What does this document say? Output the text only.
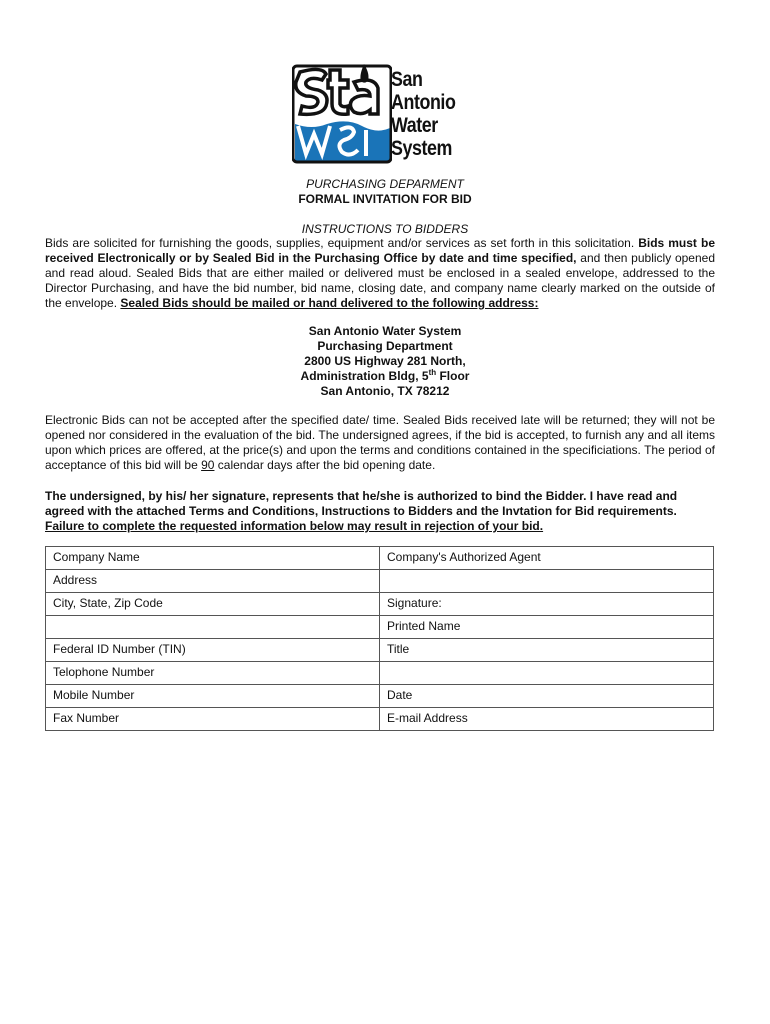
San
Antonio
Water
System
PURCHASING DEPARMENT
FORMAL INVITATION FOR BID
INSTRUCTIONS TO BIDDERS
Bids are solicited for furnishing the goods, supplies, equipment and/or services as set forth in this solicitation. Bids must be received Electronically or by Sealed Bid in the Purchasing Office by date and time specified, and then publicly opened and read aloud. Sealed Bids that are either mailed or delivered must be enclosed in a sealed envelope, addressed to the Director Purchasing, and have the bid number, bid name, closing date, and company name clearly marked on the outside of the envelope. Sealed Bids should be mailed or hand delivered to the following address:
San Antonio Water System
Purchasing Department
2800 US Highway 281 North,
Administration Bldg, 5th Floor
San Antonio, TX 78212
Electronic Bids can not be accepted after the specified date/ time. Sealed Bids received late will be returned; they will not be opened nor considered in the evaluation of the bid. The undersigned agrees, if the bid is accepted, to furnish any and all items upon which prices are offered, at the price(s) and upon the terms and conditions contained in the specificiations. The period of acceptance of this bid will be 90 calendar days after the bid opening date.
The undersigned, by his/ her signature, represents that he/she is authorized to bind the Bidder. I have read and agreed with the attached Terms and Conditions, Instructions to Bidders and the Invtation for Bid requirements. Failure to complete the requested information below may result in rejection of your bid.
Company Name	Company's Authorized Agent
Address	
City, State, Zip Code	Signature:
	Printed Name
Federal ID Number (TIN)	Title
Telophone Number	
Mobile Number	Date
Fax Number	E-mail Address
